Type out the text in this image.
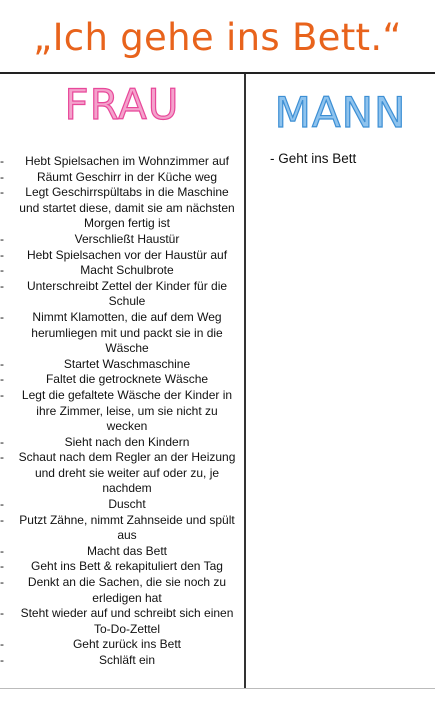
„Ich gehe ins Bett.“
FRAU	MANN
- Hebt Spielsachen im Wohnzimmer auf
-	Räumt Geschirr in der Küche weg
- Legt Geschirrspültabs in die Maschine und startet diese, damit sie am nächsten Morgen fertig ist
-	Verschließt Haustür
- Hebt Spielsachen vor der Haustür auf
-	Macht Schulbrote
- Unterschreibt Zettel der Kinder für die Schule
- Nimmt Klamotten, die auf dem Weg herumliegen mit und packt sie in die Wäsche
-	Startet Waschmaschine
-	Faltet die getrocknete Wäsche
- Legt die gefaltete Wäsche der Kinder in ihre Zimmer, leise, um sie nicht zu wecken
-	Sieht nach den Kindern
- Schaut nach dem Regler an der Heizung und dreht sie weiter auf oder zu, je nachdem
-	Duscht
- Putzt Zähne, nimmt Zahnseide und spült aus
-	Macht das Bett
- Geht ins Bett & rekapituliert den Tag
- Denkt an die Sachen, die sie noch zu erledigen hat
- Steht wieder auf und schreibt sich einen To-Do-Zettel
-	Geht zurück ins Bett
-	Schläft ein
- Geht ins Bett
